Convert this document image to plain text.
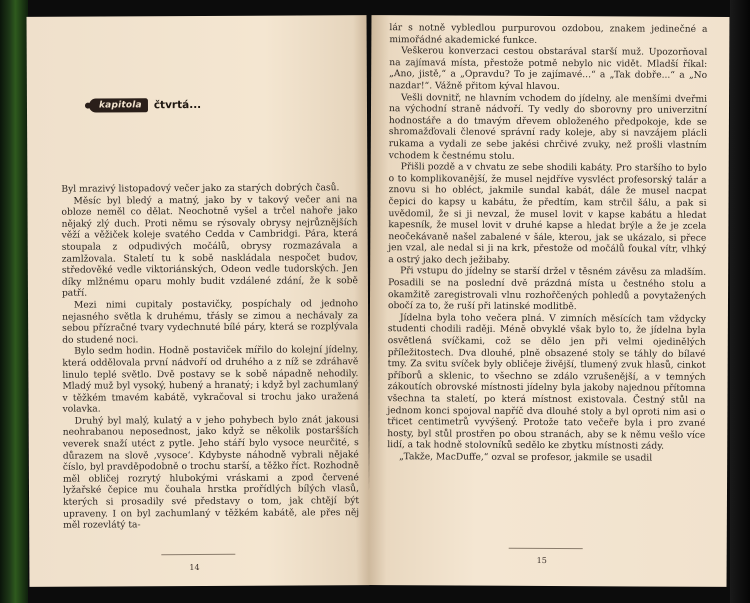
kapitola	čtvrtá...

Byl mrazivý listopadový večer jako za starých dobrých časů.

Měsíc byl bledý a matný, jako by v takový večer ani na obloze neměl co dělat. Neochotně vyšel a trčel nahoře jako nějaký zlý duch. Proti němu se rýsovaly obrysy nejrůznějších věží a věžiček koleje svatého Cedda v Cambridgi. Pára, která stoupala z odpudivých močálů, obrysy rozmazávala a zamlžovala. Staletí tu k sobě naskládala nespočet budov, středověké vedle viktoriánských, Odeon vedle tudorských. Jen díky mlžnému oparu mohly budit vzdálené zdání, že k sobě patří.

Mezi nimi cupitaly postavičky, pospíchaly od jednoho nejasného světla k druhému, třásly se zimou a nechávaly za sebou přízračné tvary vydechnuté bílé páry, která se rozplývala do studené noci.

Bylo sedm hodin. Hodně postaviček mířilo do kolejní jídelny, která oddělovala první nádvoří od druhého a z níž se zdráhavě linulo teplé světlo. Dvě postavy se k sobě nápadně nehodily. Mladý muž byl vysoký, hubený a hranatý; i když byl zachumlaný v těžkém tmavém kabátě, vykračoval si trochu jako uražená volavka.

Druhý byl malý, kulatý a v jeho pohybech bylo znát jakousi neohrabanou neposednost, jako když se několik postaršších veverek snaží utéct z pytle. Jeho stáří bylo vysoce neurčité, s důrazem na slově ‚vysoce‘. Kdybyste náhodně vybrali nějaké číslo, byl pravděpodobně o trochu starší, a těžko říct. Rozhodně měl obličej rozrytý hlubokými vráskami a zpod červené lyžařské čepice mu čouhala hrstka prořídlých bílých vlasů, kterých si prosadily své představy o tom, jak chtějí být upraveny. I on byl zachumlaný v těžkém kabátě, ale přes něj měl rozevlátý ta-

14

lár s notně vybledlou purpurovou ozdobou, znakem jedinečné a mimořádné akademické funkce.

Veškerou konverzaci cestou obstarával starší muž. Upozorňoval na zajímavá místa, přestože potmě nebylo nic vidět. Mladší říkal: „Ano, jistě,“ a „Opravdu? To je zajímavé...“ a „Tak dobře...“ a „No nazdar!“. Vážně přitom kýval hlavou.

Vešli dovnitř, ne hlavním vchodem do jídelny, ale menšími dveřmi na východní straně nádvoří. Ty vedly do sborovny pro univerzitní hodnostáře a do tmavým dřevem obloženého předpokoje, kde se shromažďovali členové správní rady koleje, aby si navzájem plácli rukama a vydali ze sebe jakési chrčivé zvuky, než prošli vlastním vchodem k čestnému stolu.

Přišli pozdě a v chvatu ze sebe shodili kabáty. Pro staršího to bylo o to komplikovanější, že musel nejdříve vysvléct profesorský talár a znovu si ho obléct, jakmile sundal kabát, dále že musel nacpat čepici do kapsy u kabátu, že předtím, kam strčil šálu, a pak si uvědomil, že si ji nevzal, že musel lovit v kapse kabátu a hledat kapesník, že musel lovit v druhé kapse a hledat brýle a že je zcela neočekávaně našel zabalené v šále, kterou, jak se ukázalo, si přece jen vzal, ale nedal si ji na krk, přestože od močálů foukal vítr, vlhký a ostrý jako dech ježibaby.

Při vstupu do jídelny se starší držel v těsném závěsu za mladším. Posadili se na poslední dvě prázdná místa u čestného stolu a okamžitě zaregistrovali vlnu rozhořčených pohledů a povytažených obočí za to, že ruší při latinské modlitbě.

Jídelna byla toho večera plná. V zimních měsících tam vždycky studenti chodili raději. Méně obvyklé však bylo to, že jídelna byla osvětlená svíčkami, což se dělo jen při velmi ojedinělých příležitostech. Dva dlouhé, plně obsazené stoly se táhly do bílavé tmy. Za svitu svíček byly obličeje živější, tlumený zvuk hlasů, cinkot příborů a sklenic, to všechno se zdálo vzrušenější, a v temných zákoutích obrovské místnosti jídelny byla jakoby najednou přítomna všechna ta staletí, po která místnost existovala. Čestný stůl na jednom konci spojoval napříč dva dlouhé stoly a byl oproti nim asi o třicet centimetrů vyvýšený. Protože tato večeře byla i pro zvané hosty, byl stůl prostřen po obou stranách, aby se k němu vešlo více lidí, a tak hodně stolovníků sedělo ke zbytku místnosti zády.

„Takže, MacDuffe,“ ozval se profesor, jakmile se usadil

15
